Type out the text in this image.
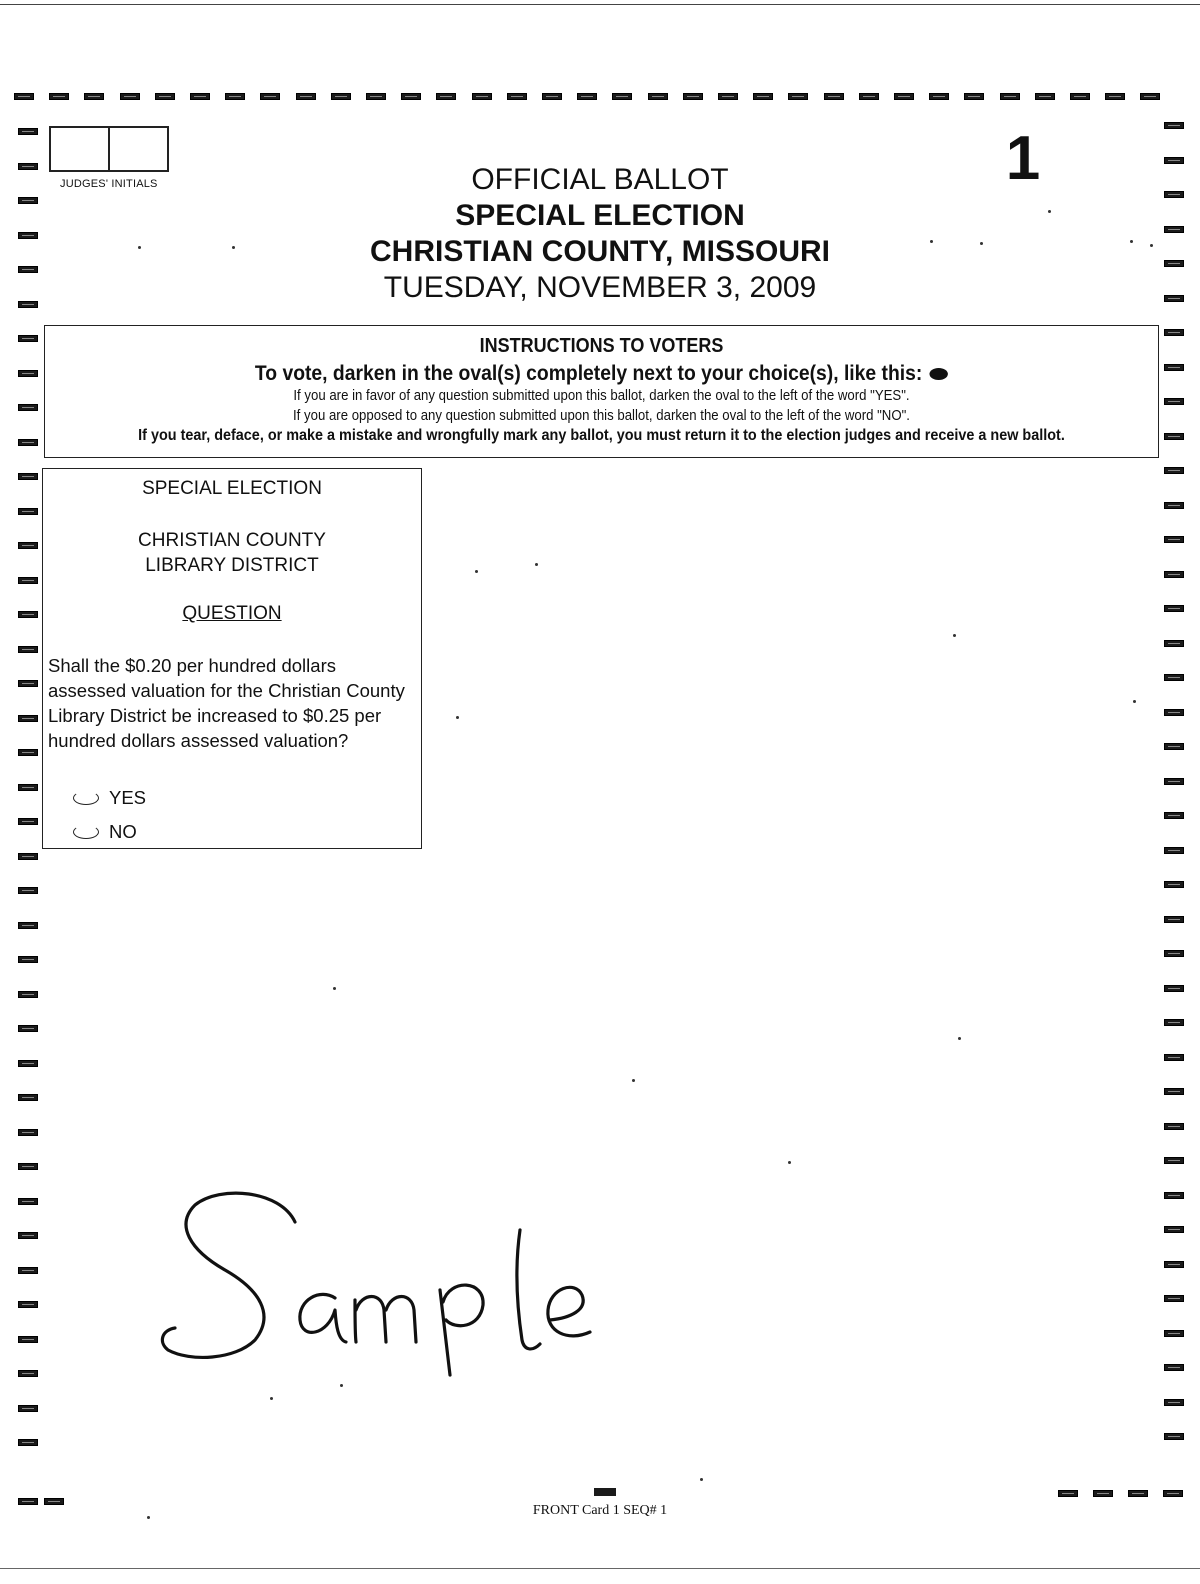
JUDGES' INITIALS	1
OFFICIAL BALLOT
SPECIAL ELECTION
CHRISTIAN COUNTY, MISSOURI
TUESDAY, NOVEMBER 3, 2009
INSTRUCTIONS TO VOTERS
To vote, darken in the oval(s) completely next to your choice(s), like this:
If you are in favor of any question submitted upon this ballot, darken the oval to the left of the word "YES".
If you are opposed to any question submitted upon this ballot, darken the oval to the left of the word "NO".
If you tear, deface, or make a mistake and wrongfully mark any ballot, you must return it to the election judges and receive a new ballot.
SPECIAL ELECTION
CHRISTIAN COUNTY
LIBRARY DISTRICT
QUESTION
Shall the $0.20 per hundred dollars assessed valuation for the Christian County Library District be increased to $0.25 per hundred dollars assessed valuation?
YES
NO
FRONT Card 1 SEQ# 1
